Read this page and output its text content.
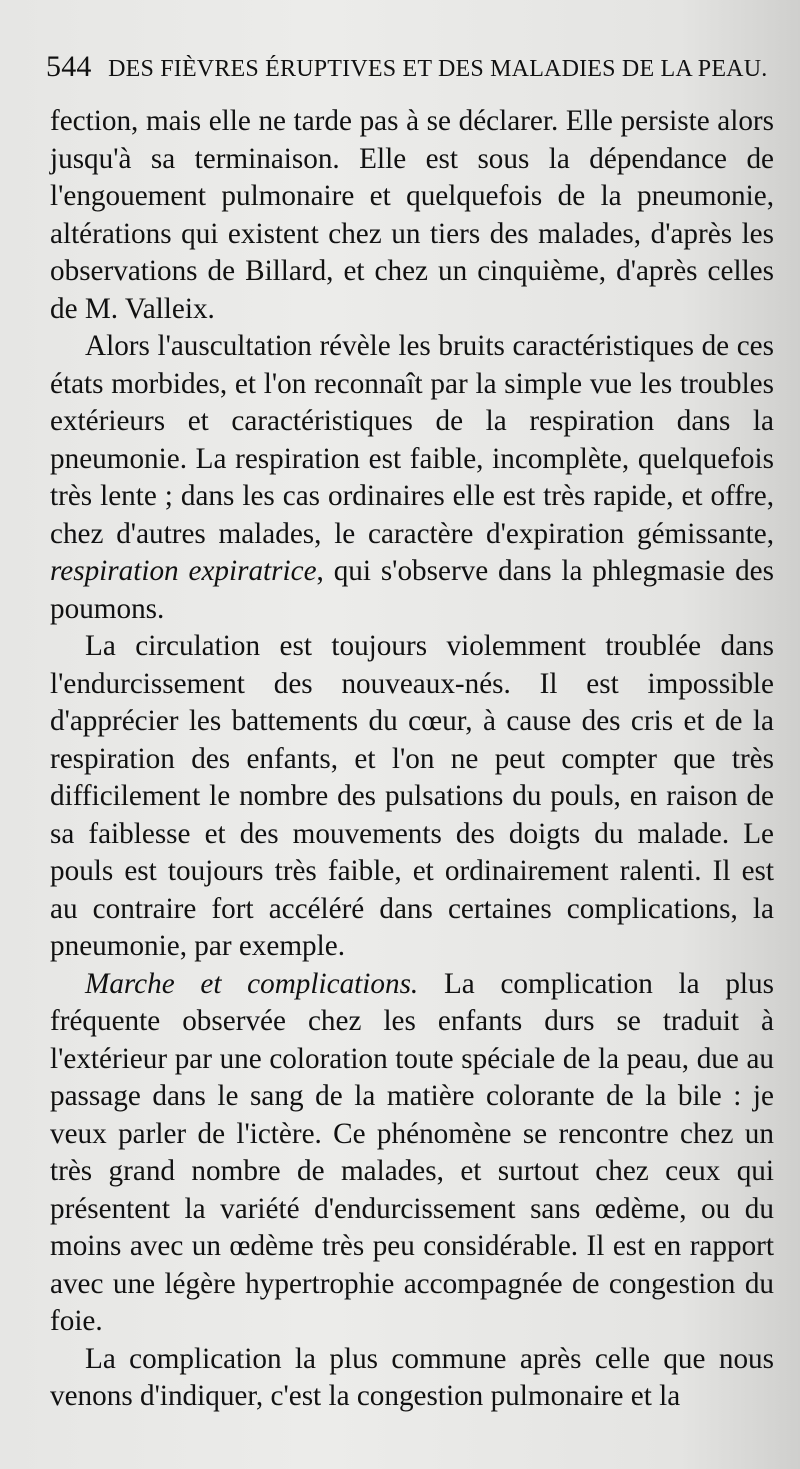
544 DES FIÈVRES ÉRUPTIVES ET DES MALADIES DE LA PEAU.

fection, mais elle ne tarde pas à se déclarer. Elle persiste alors jusqu'à sa terminaison. Elle est sous la dépendance de l'engouement pulmonaire et quelquefois de la pneumonie, altérations qui existent chez un tiers des malades, d'après les observations de Billard, et chez un cinquième, d'après celles de M. Valleix.

Alors l'auscultation révèle les bruits caractéristiques de ces états morbides, et l'on reconnaît par la simple vue les troubles extérieurs et caractéristiques de la respiration dans la pneumonie. La respiration est faible, incomplète, quelquefois très lente ; dans les cas ordinaires elle est très rapide, et offre, chez d'autres malades, le caractère d'expiration gémissante, respiration expiratrice, qui s'observe dans la phlegmasie des poumons.

La circulation est toujours violemment troublée dans l'endurcissement des nouveaux-nés. Il est impossible d'apprécier les battements du cœur, à cause des cris et de la respiration des enfants, et l'on ne peut compter que très difficilement le nombre des pulsations du pouls, en raison de sa faiblesse et des mouvements des doigts du malade. Le pouls est toujours très faible, et ordinairement ralenti. Il est au contraire fort accéléré dans certaines complications, la pneumonie, par exemple.

Marche et complications. La complication la plus fréquente observée chez les enfants durs se traduit à l'extérieur par une coloration toute spéciale de la peau, due au passage dans le sang de la matière colorante de la bile : je veux parler de l'ictère. Ce phénomène se rencontre chez un très grand nombre de malades, et surtout chez ceux qui présentent la variété d'endurcissement sans œdème, ou du moins avec un œdème très peu considérable. Il est en rapport avec une légère hypertrophie accompagnée de congestion du foie.

La complication la plus commune après celle que nous venons d'indiquer, c'est la congestion pulmonaire et la
